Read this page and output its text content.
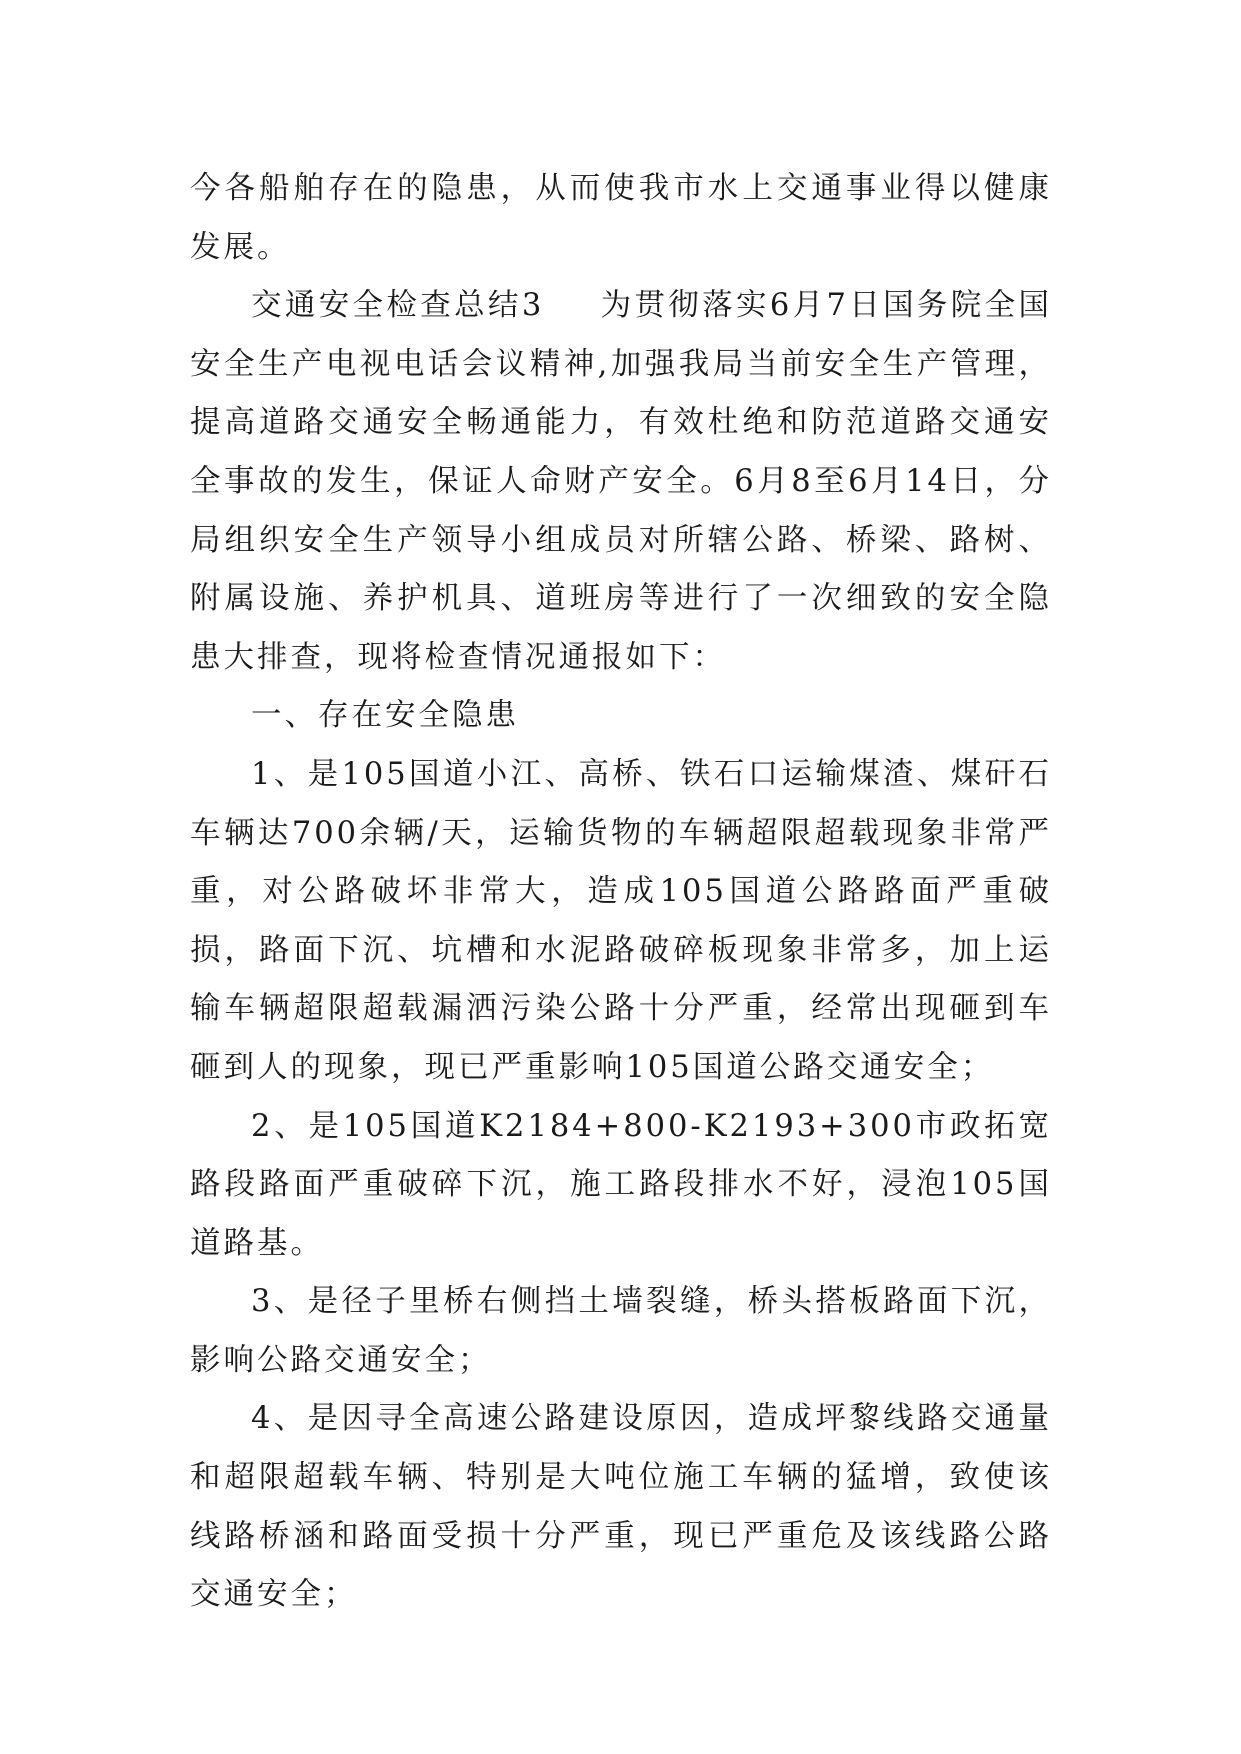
今各船舶存在的隐患，从而使我市水上交通事业得以健康发展。

交通安全检查总结3 为贯彻落实6月7日国务院全国安全生产电视电话会议精神,加强我局当前安全生产管理，提高道路交通安全畅通能力，有效杜绝和防范道路交通安全事故的发生，保证人命财产安全。6月8至6月14日，分局组织安全生产领导小组成员对所辖公路、桥梁、路树、附属设施、养护机具、道班房等进行了一次细致的安全隐患大排查，现将检查情况通报如下：

一、存在安全隐患

1、是105国道小江、高桥、铁石口运输煤渣、煤矸石车辆达700余辆/天，运输货物的车辆超限超载现象非常严重，对公路破坏非常大，造成105国道公路路面严重破损，路面下沉、坑槽和水泥路破碎板现象非常多，加上运输车辆超限超载漏洒污染公路十分严重，经常出现砸到车砸到人的现象，现已严重影响105国道公路交通安全；

2、是105国道K2184+800-K2193+300市政拓宽路段路面严重破碎下沉，施工路段排水不好，浸泡105国道路基。

3、是径子里桥右侧挡土墙裂缝，桥头搭板路面下沉，影响公路交通安全；

4、是因寻全高速公路建设原因，造成坪黎线路交通量和超限超载车辆、特别是大吨位施工车辆的猛增，致使该线路桥涵和路面受损十分严重，现已严重危及该线路公路交通安全；
